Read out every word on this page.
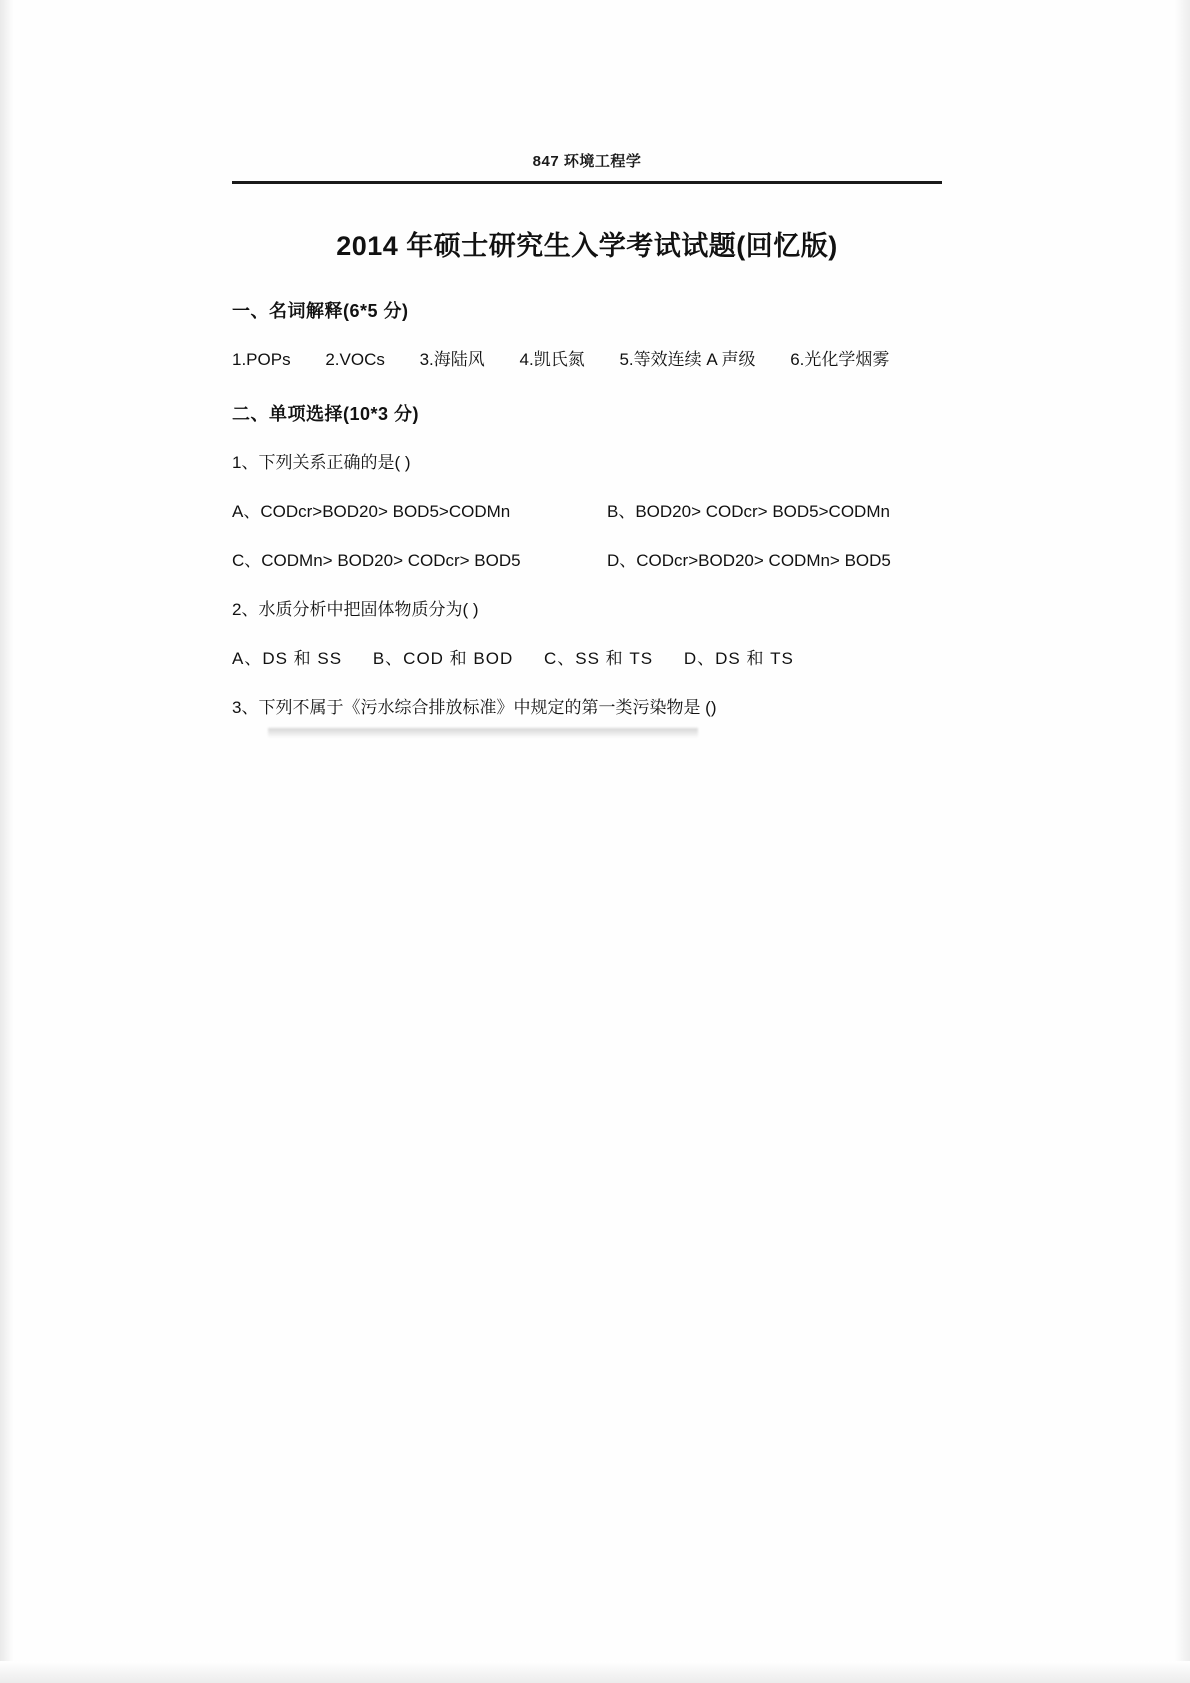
847 环境工程学
2014 年硕士研究生入学考试试题(回忆版)
一、名词解释(6*5 分)
1.POPs 2.VOCs 3.海陆风 4.凯氏氮 5.等效连续 A 声级 6.光化学烟雾
二、单项选择(10*3 分)
1、下列关系正确的是( )
A、CODcr>BOD20> BOD5>CODMn	B、BOD20> CODcr> BOD5>CODMn
C、CODMn> BOD20> CODcr> BOD5	D、CODcr>BOD20> CODMn> BOD5
2、水质分析中把固体物质分为( )
A、DS 和 SS B、COD 和 BOD C、SS 和 TS D、DS 和 TS
3、下列不属于《污水综合排放标准》中规定的第一类污染物是 ()
